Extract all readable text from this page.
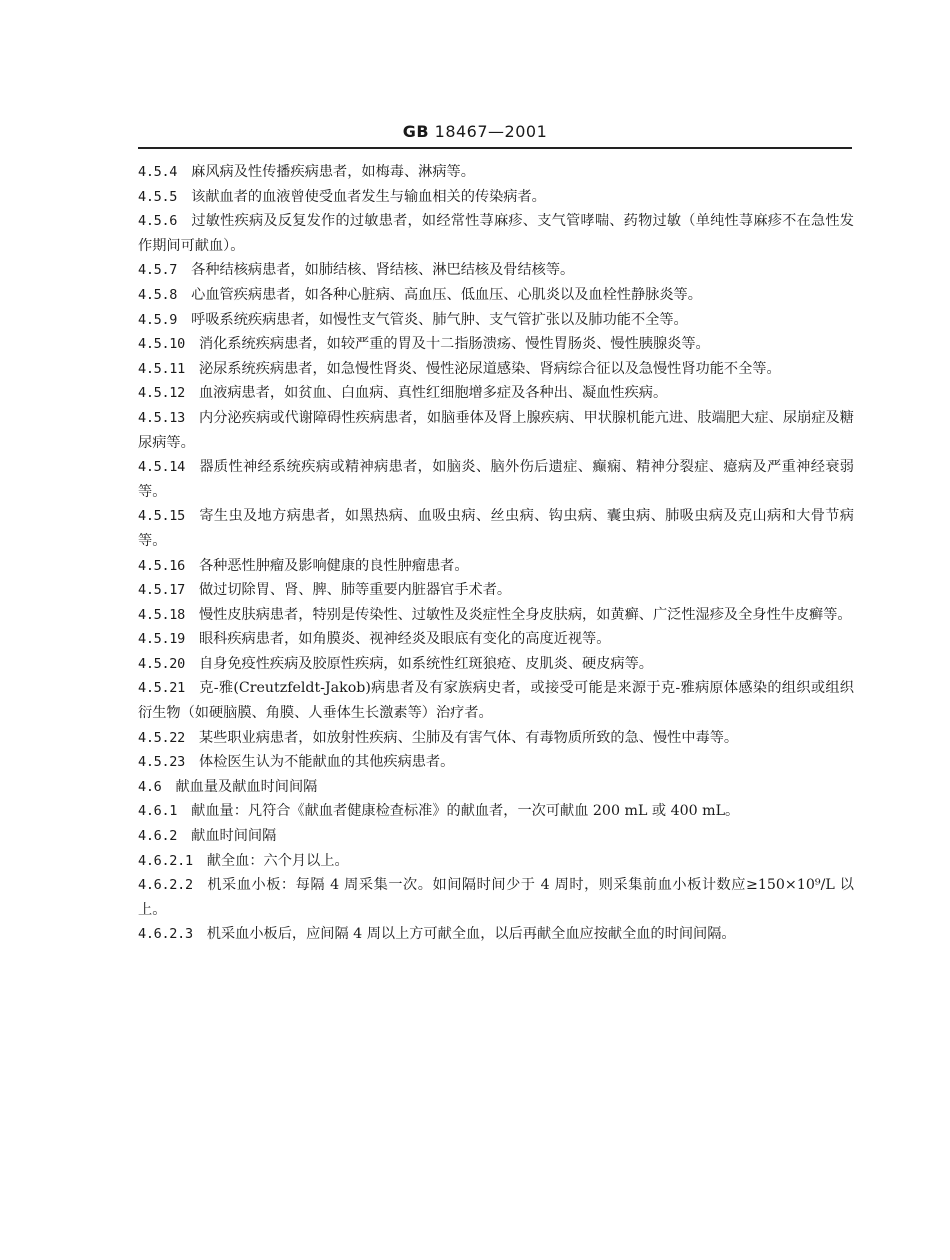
GB 18467—2001

4.5.4 麻风病及性传播疾病患者，如梅毒、淋病等。

4.5.5 该献血者的血液曾使受血者发生与输血相关的传染病者。

4.5.6 过敏性疾病及反复发作的过敏患者，如经常性荨麻疹、支气管哮喘、药物过敏（单纯性荨麻疹不在急性发作期间可献血）。

4.5.7 各种结核病患者，如肺结核、肾结核、淋巴结核及骨结核等。

4.5.8 心血管疾病患者，如各种心脏病、高血压、低血压、心肌炎以及血栓性静脉炎等。

4.5.9 呼吸系统疾病患者，如慢性支气管炎、肺气肿、支气管扩张以及肺功能不全等。

4.5.10 消化系统疾病患者，如较严重的胃及十二指肠溃疡、慢性胃肠炎、慢性胰腺炎等。

4.5.11 泌尿系统疾病患者，如急慢性肾炎、慢性泌尿道感染、肾病综合征以及急慢性肾功能不全等。

4.5.12 血液病患者，如贫血、白血病、真性红细胞增多症及各种出、凝血性疾病。

4.5.13 内分泌疾病或代谢障碍性疾病患者，如脑垂体及肾上腺疾病、甲状腺机能亢进、肢端肥大症、尿崩症及糖尿病等。

4.5.14 器质性神经系统疾病或精神病患者，如脑炎、脑外伤后遗症、癫痫、精神分裂症、癔病及严重神经衰弱等。

4.5.15 寄生虫及地方病患者，如黑热病、血吸虫病、丝虫病、钩虫病、囊虫病、肺吸虫病及克山病和大骨节病等。

4.5.16 各种恶性肿瘤及影响健康的良性肿瘤患者。

4.5.17 做过切除胃、肾、脾、肺等重要内脏器官手术者。

4.5.18 慢性皮肤病患者，特别是传染性、过敏性及炎症性全身皮肤病，如黄癣、广泛性湿疹及全身性牛皮癣等。

4.5.19 眼科疾病患者，如角膜炎、视神经炎及眼底有变化的高度近视等。

4.5.20 自身免疫性疾病及胶原性疾病，如系统性红斑狼疮、皮肌炎、硬皮病等。

4.5.21 克-雅(Creutzfeldt-Jakob)病患者及有家族病史者，或接受可能是来源于克-雅病原体感染的组织或组织衍生物（如硬脑膜、角膜、人垂体生长激素等）治疗者。

4.5.22 某些职业病患者，如放射性疾病、尘肺及有害气体、有毒物质所致的急、慢性中毒等。

4.5.23 体检医生认为不能献血的其他疾病患者。

4.6 献血量及献血时间间隔

4.6.1 献血量：凡符合《献血者健康检查标准》的献血者，一次可献血 200 mL 或 400 mL。

4.6.2 献血时间间隔

4.6.2.1 献全血：六个月以上。

4.6.2.2 机采血小板：每隔 4 周采集一次。如间隔时间少于 4 周时，则采集前血小板计数应≥150×10⁹/L 以上。

4.6.2.3 机采血小板后，应间隔 4 周以上方可献全血，以后再献全血应按献全血的时间间隔。
